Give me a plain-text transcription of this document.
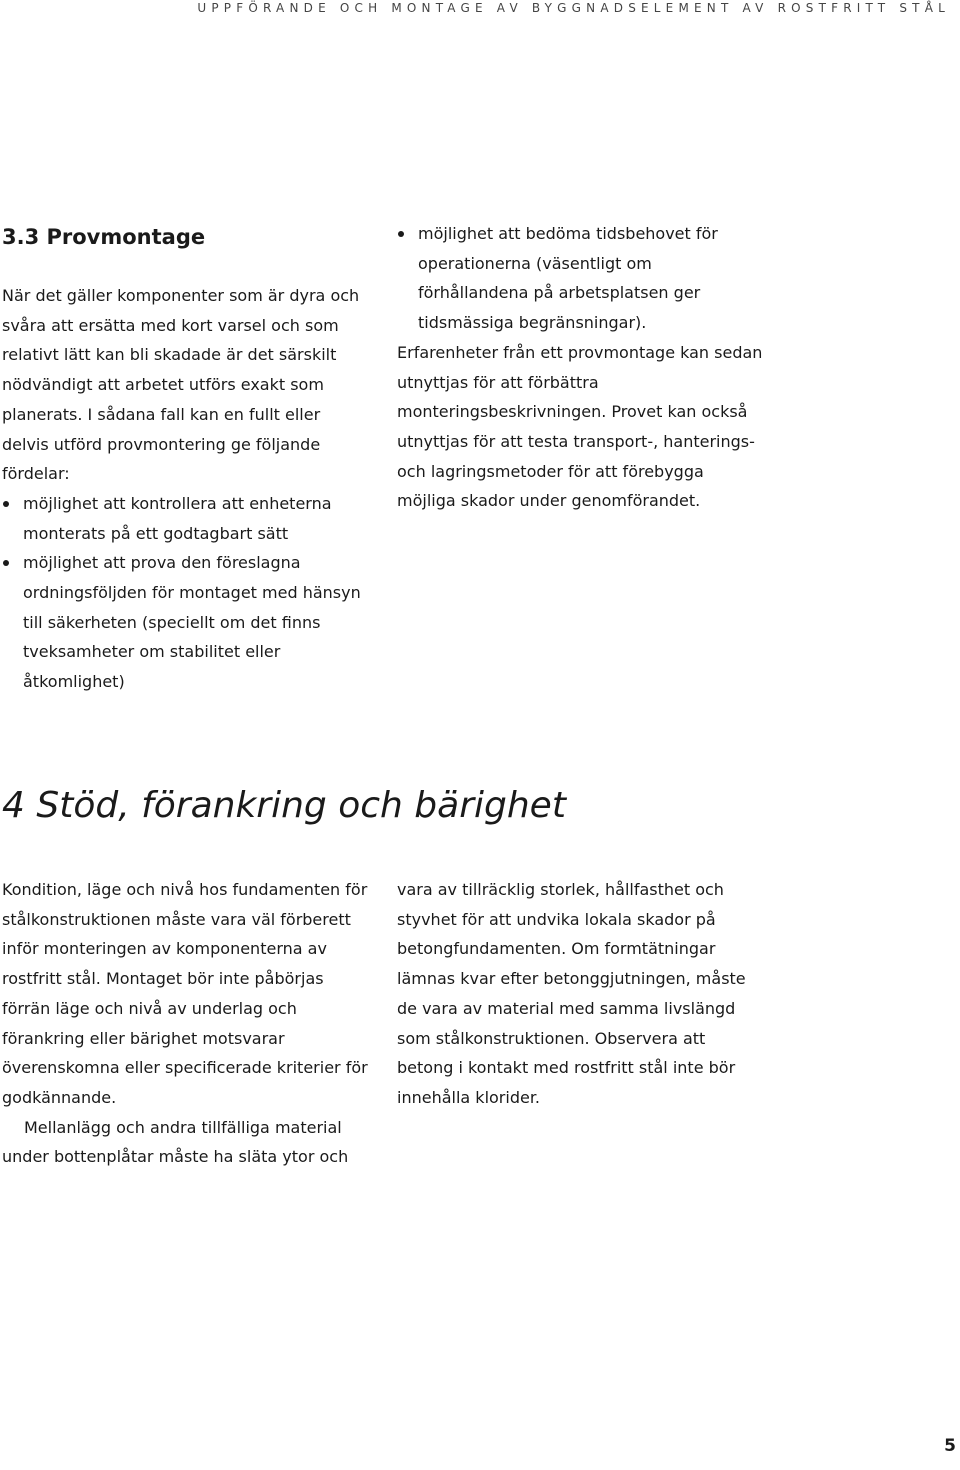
UPPFÖRANDE OCH MONTAGE AV BYGGNADSELEMENT AV ROSTFRITT STÅL
3.3 Provmontage

När det gäller komponenter som är dyra och svåra att ersätta med kort varsel och som relativt lätt kan bli skadade är det särskilt nödvändigt att arbetet utförs exakt som planerats. I sådana fall kan en fullt eller delvis utförd provmontering ge följande fördelar:

möjlighet att kontrollera att enheterna monterats på ett godtagbart sätt
möjlighet att prova den föreslagna ordningsföljden för montaget med hänsyn till säkerheten (speciellt om det finns tveksamheter om stabilitet eller åtkomlighet)
möjlighet att bedöma tidsbehovet för operationerna (väsentligt om förhållandena på arbetsplatsen ger tidsmässiga begränsningar).

Erfarenheter från ett provmontage kan sedan utnyttjas för att förbättra monteringsbeskrivningen. Provet kan också utnyttjas för att testa transport-, hanterings- och lagringsmetoder för att förebygga möjliga skador under genomförandet.

4 Stöd, förankring och bärighet

Kondition, läge och nivå hos fundamenten för stålkonstruktionen måste vara väl förberett inför monteringen av komponenterna av rostfritt stål. Montaget bör inte påbörjas förrän läge och nivå av underlag och förankring eller bärighet motsvarar överenskomna eller specificerade kriterier för godkännande.

Mellanlägg och andra tillfälliga material under bottenplåtar måste ha släta ytor och

vara av tillräcklig storlek, hållfasthet och styvhet för att undvika lokala skador på betongfundamenten. Om formtätningar lämnas kvar efter betonggjutningen, måste de vara av material med samma livslängd som stålkonstruktionen. Observera att betong i kontakt med rostfritt stål inte bör innehålla klorider.

5
